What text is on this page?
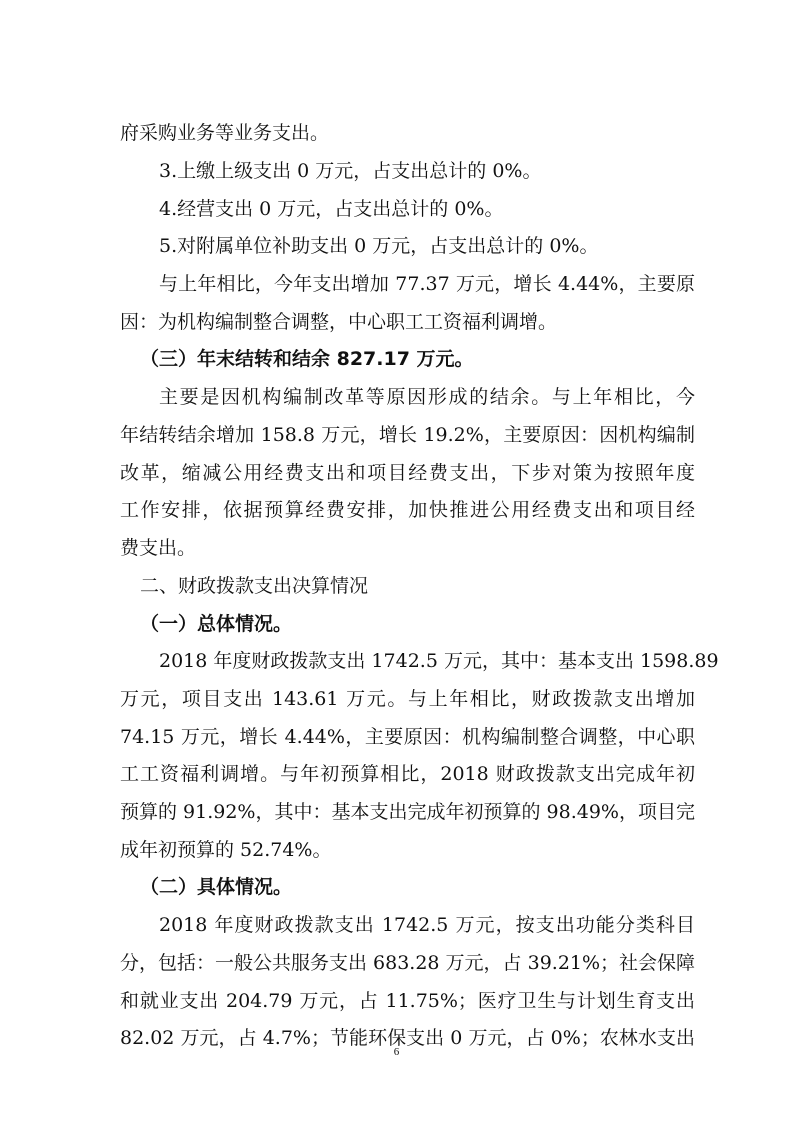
府采购业务等业务支出。
3.上缴上级支出 0 万元，占支出总计的 0%。
4.经营支出 0 万元，占支出总计的 0%。
5.对附属单位补助支出 0 万元，占支出总计的 0%。
与上年相比，今年支出增加 77.37 万元，增长 4.44%，主要原
因：为机构编制整合调整，中心职工工资福利调增。
（三）年末结转和结余 827.17 万元。
主要是因机构编制改革等原因形成的结余。与上年相比，今
年结转结余增加 158.8 万元，增长 19.2%，主要原因：因机构编制
改革，缩减公用经费支出和项目经费支出，下步对策为按照年度
工作安排，依据预算经费安排，加快推进公用经费支出和项目经
费支出。
二、财政拨款支出决算情况
（一）总体情况。
2018 年度财政拨款支出 1742.5 万元，其中：基本支出 1598.89
万元，项目支出 143.61 万元。与上年相比，财政拨款支出增加
74.15 万元，增长 4.44%，主要原因：机构编制整合调整，中心职
工工资福利调增。与年初预算相比，2018 财政拨款支出完成年初
预算的 91.92%，其中：基本支出完成年初预算的 98.49%，项目完
成年初预算的 52.74%。
（二）具体情况。
2018 年度财政拨款支出 1742.5 万元，按支出功能分类科目
分，包括：一般公共服务支出 683.28 万元，占 39.21%；社会保障
和就业支出 204.79 万元，占 11.75%；医疗卫生与计划生育支出
82.02 万元，占 4.7%；节能环保支出 0 万元，占 0%；农林水支出
6
